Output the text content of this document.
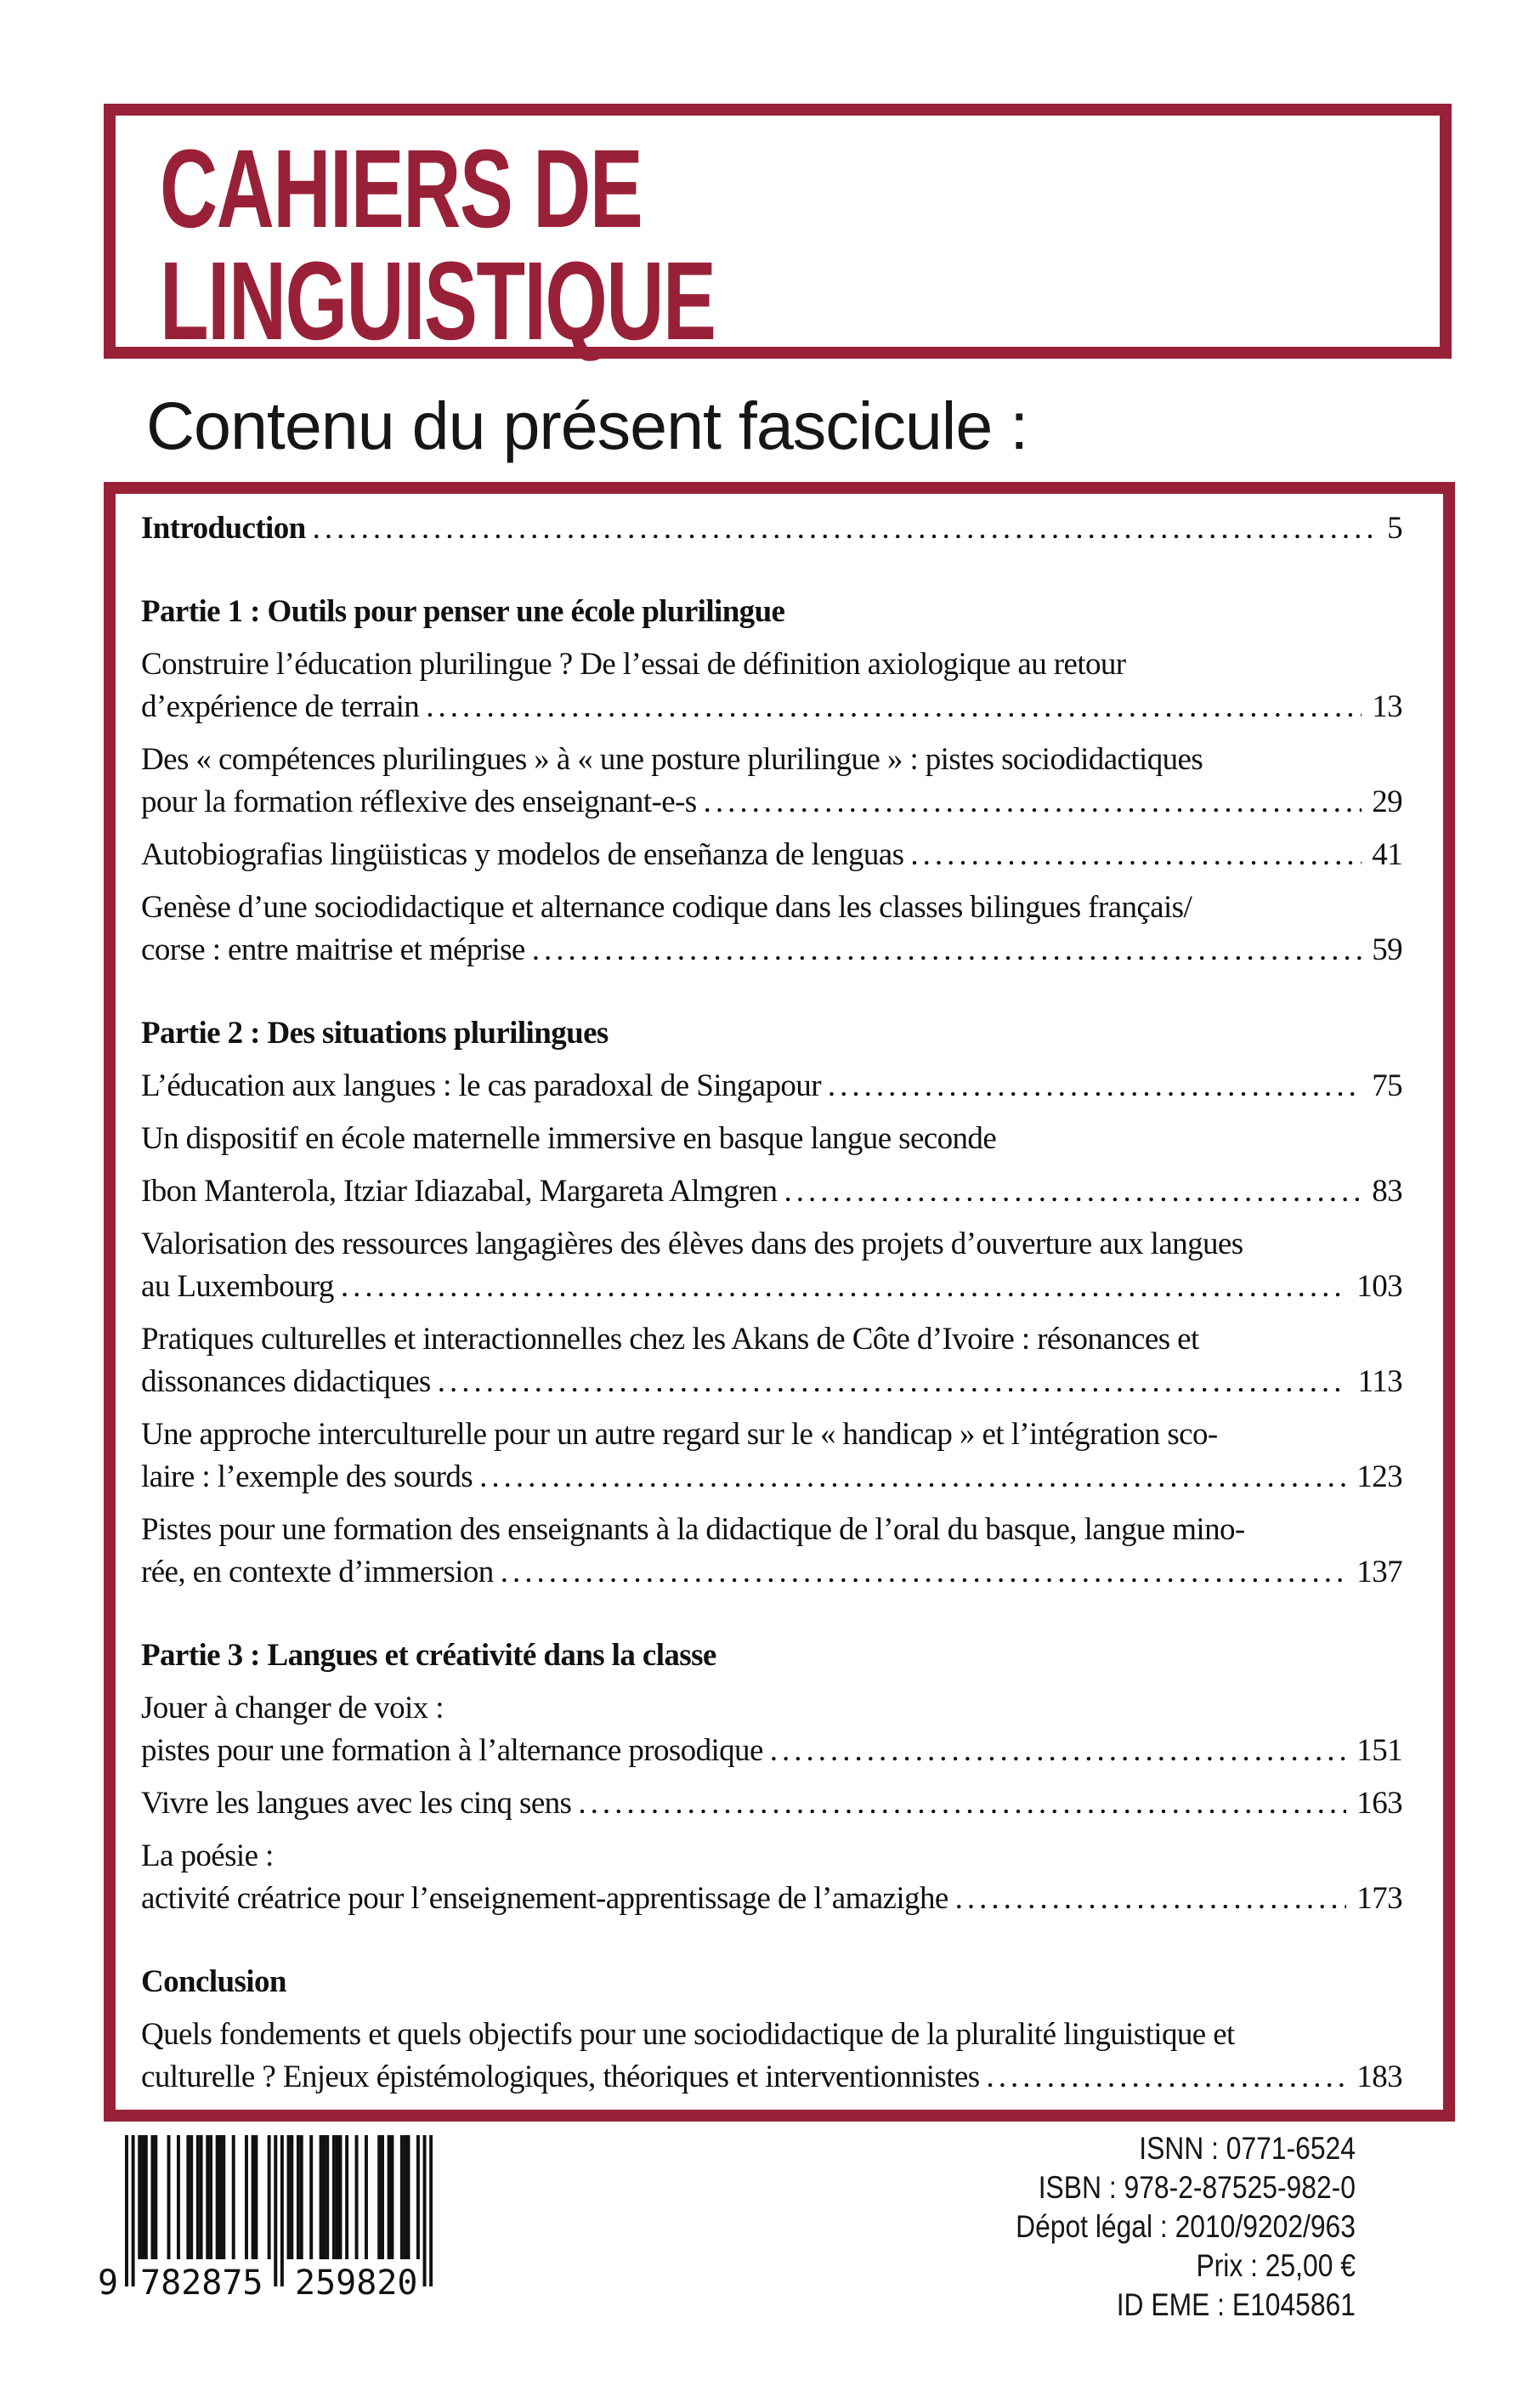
CAHIERS DE
LINGUISTIQUE
Contenu du présent fascicule :
Introduction .....	5
Partie 1 : Outils pour penser une école plurilingue
Construire l’éducation plurilingue ? De l’essai de définition axiologique au retour
d’expérience de terrain .....	13
Des « compétences plurilingues » à « une posture plurilingue » : pistes sociodidactiques
pour la formation réflexive des enseignant-e-s .....	29
Autobiografias lingüisticas y modelos de enseñanza de lenguas .....	41
Genèse d’une sociodidactique et alternance codique dans les classes bilingues français/
corse : entre maitrise et méprise .....	59
Partie 2 : Des situations plurilingues
L’éducation aux langues : le cas paradoxal de Singapour .....	75
Un dispositif en école maternelle immersive en basque langue seconde
Ibon Manterola, Itziar Idiazabal, Margareta Almgren .....	83
Valorisation des ressources langagières des élèves dans des projets d’ouverture aux langues
au Luxembourg .....	103
Pratiques culturelles et interactionnelles chez les Akans de Côte d’Ivoire : résonances et
dissonances didactiques .....	113
Une approche interculturelle pour un autre regard sur le « handicap » et l’intégration sco-
laire : l’exemple des sourds .....	123
Pistes pour une formation des enseignants à la didactique de l’oral du basque, langue mino-
rée, en contexte d’immersion .....	137
Partie 3 : Langues et créativité dans la classe
Jouer à changer de voix :
pistes pour une formation à l’alternance prosodique .....	151
Vivre les langues avec les cinq sens .....	163
La poésie :
activité créatrice pour l’enseignement-apprentissage de l’amazighe .....	173
Conclusion
Quels fondements et quels objectifs pour une sociodidactique de la pluralité linguistique et
culturelle ? Enjeux épistémologiques, théoriques et interventionnistes .....	183
9 782875 259820
ISNN : 0771-6524
ISBN : 978-2-87525-982-0
Dépot légal : 2010/9202/963
Prix : 25,00 €
ID EME : E1045861
